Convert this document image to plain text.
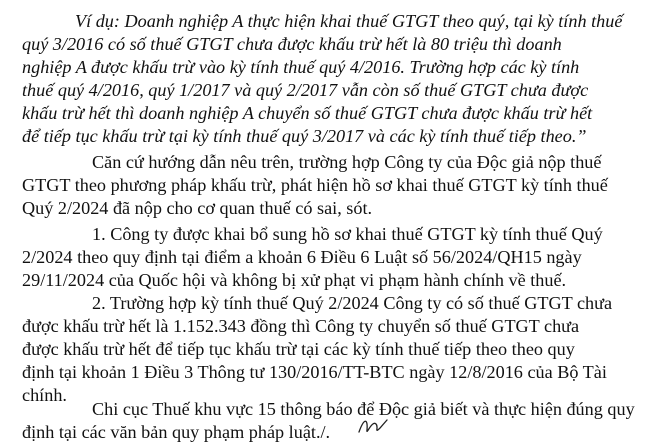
Ví dụ: Doanh nghiệp A thực hiện khai thuế GTGT theo quý, tại kỳ tính thuế
quý 3/2016 có số thuế GTGT chưa được khấu trừ hết là 80 triệu thì doanh
nghiệp A được khấu trừ vào kỳ tính thuế quý 4/2016. Trường hợp các kỳ tính
thuế quý 4/2016, quý 1/2017 và quý 2/2017 vẫn còn số thuế GTGT chưa được
khấu trừ hết thì doanh nghiệp A chuyển số thuế GTGT chưa được khấu trừ hết
để tiếp tục khấu trừ tại kỳ tính thuế quý 3/2017 và các kỳ tính thuế tiếp theo.”
Căn cứ hướng dẫn nêu trên, trường hợp Công ty của Độc giả nộp thuế
GTGT theo phương pháp khấu trừ, phát hiện hồ sơ khai thuế GTGT kỳ tính thuế
Quý 2/2024 đã nộp cho cơ quan thuế có sai, sót.
1. Công ty được khai bổ sung hồ sơ khai thuế GTGT kỳ tính thuế Quý
2/2024 theo quy định tại điểm a khoản 6 Điều 6 Luật số 56/2024/QH15 ngày
29/11/2024 của Quốc hội và không bị xử phạt vi phạm hành chính về thuế.
2. Trường hợp kỳ tính thuế Quý 2/2024 Công ty có số thuế GTGT chưa
được khấu trừ hết là 1.152.343 đồng thì Công ty chuyển số thuế GTGT chưa
được khấu trừ hết để tiếp tục khấu trừ tại các kỳ tính thuế tiếp theo theo quy
định tại khoản 1 Điều 3 Thông tư 130/2016/TT-BTC ngày 12/8/2016 của Bộ Tài
chính.
Chi cục Thuế khu vực 15 thông báo để Độc giả biết và thực hiện đúng quy
định tại các văn bản quy phạm pháp luật./.
